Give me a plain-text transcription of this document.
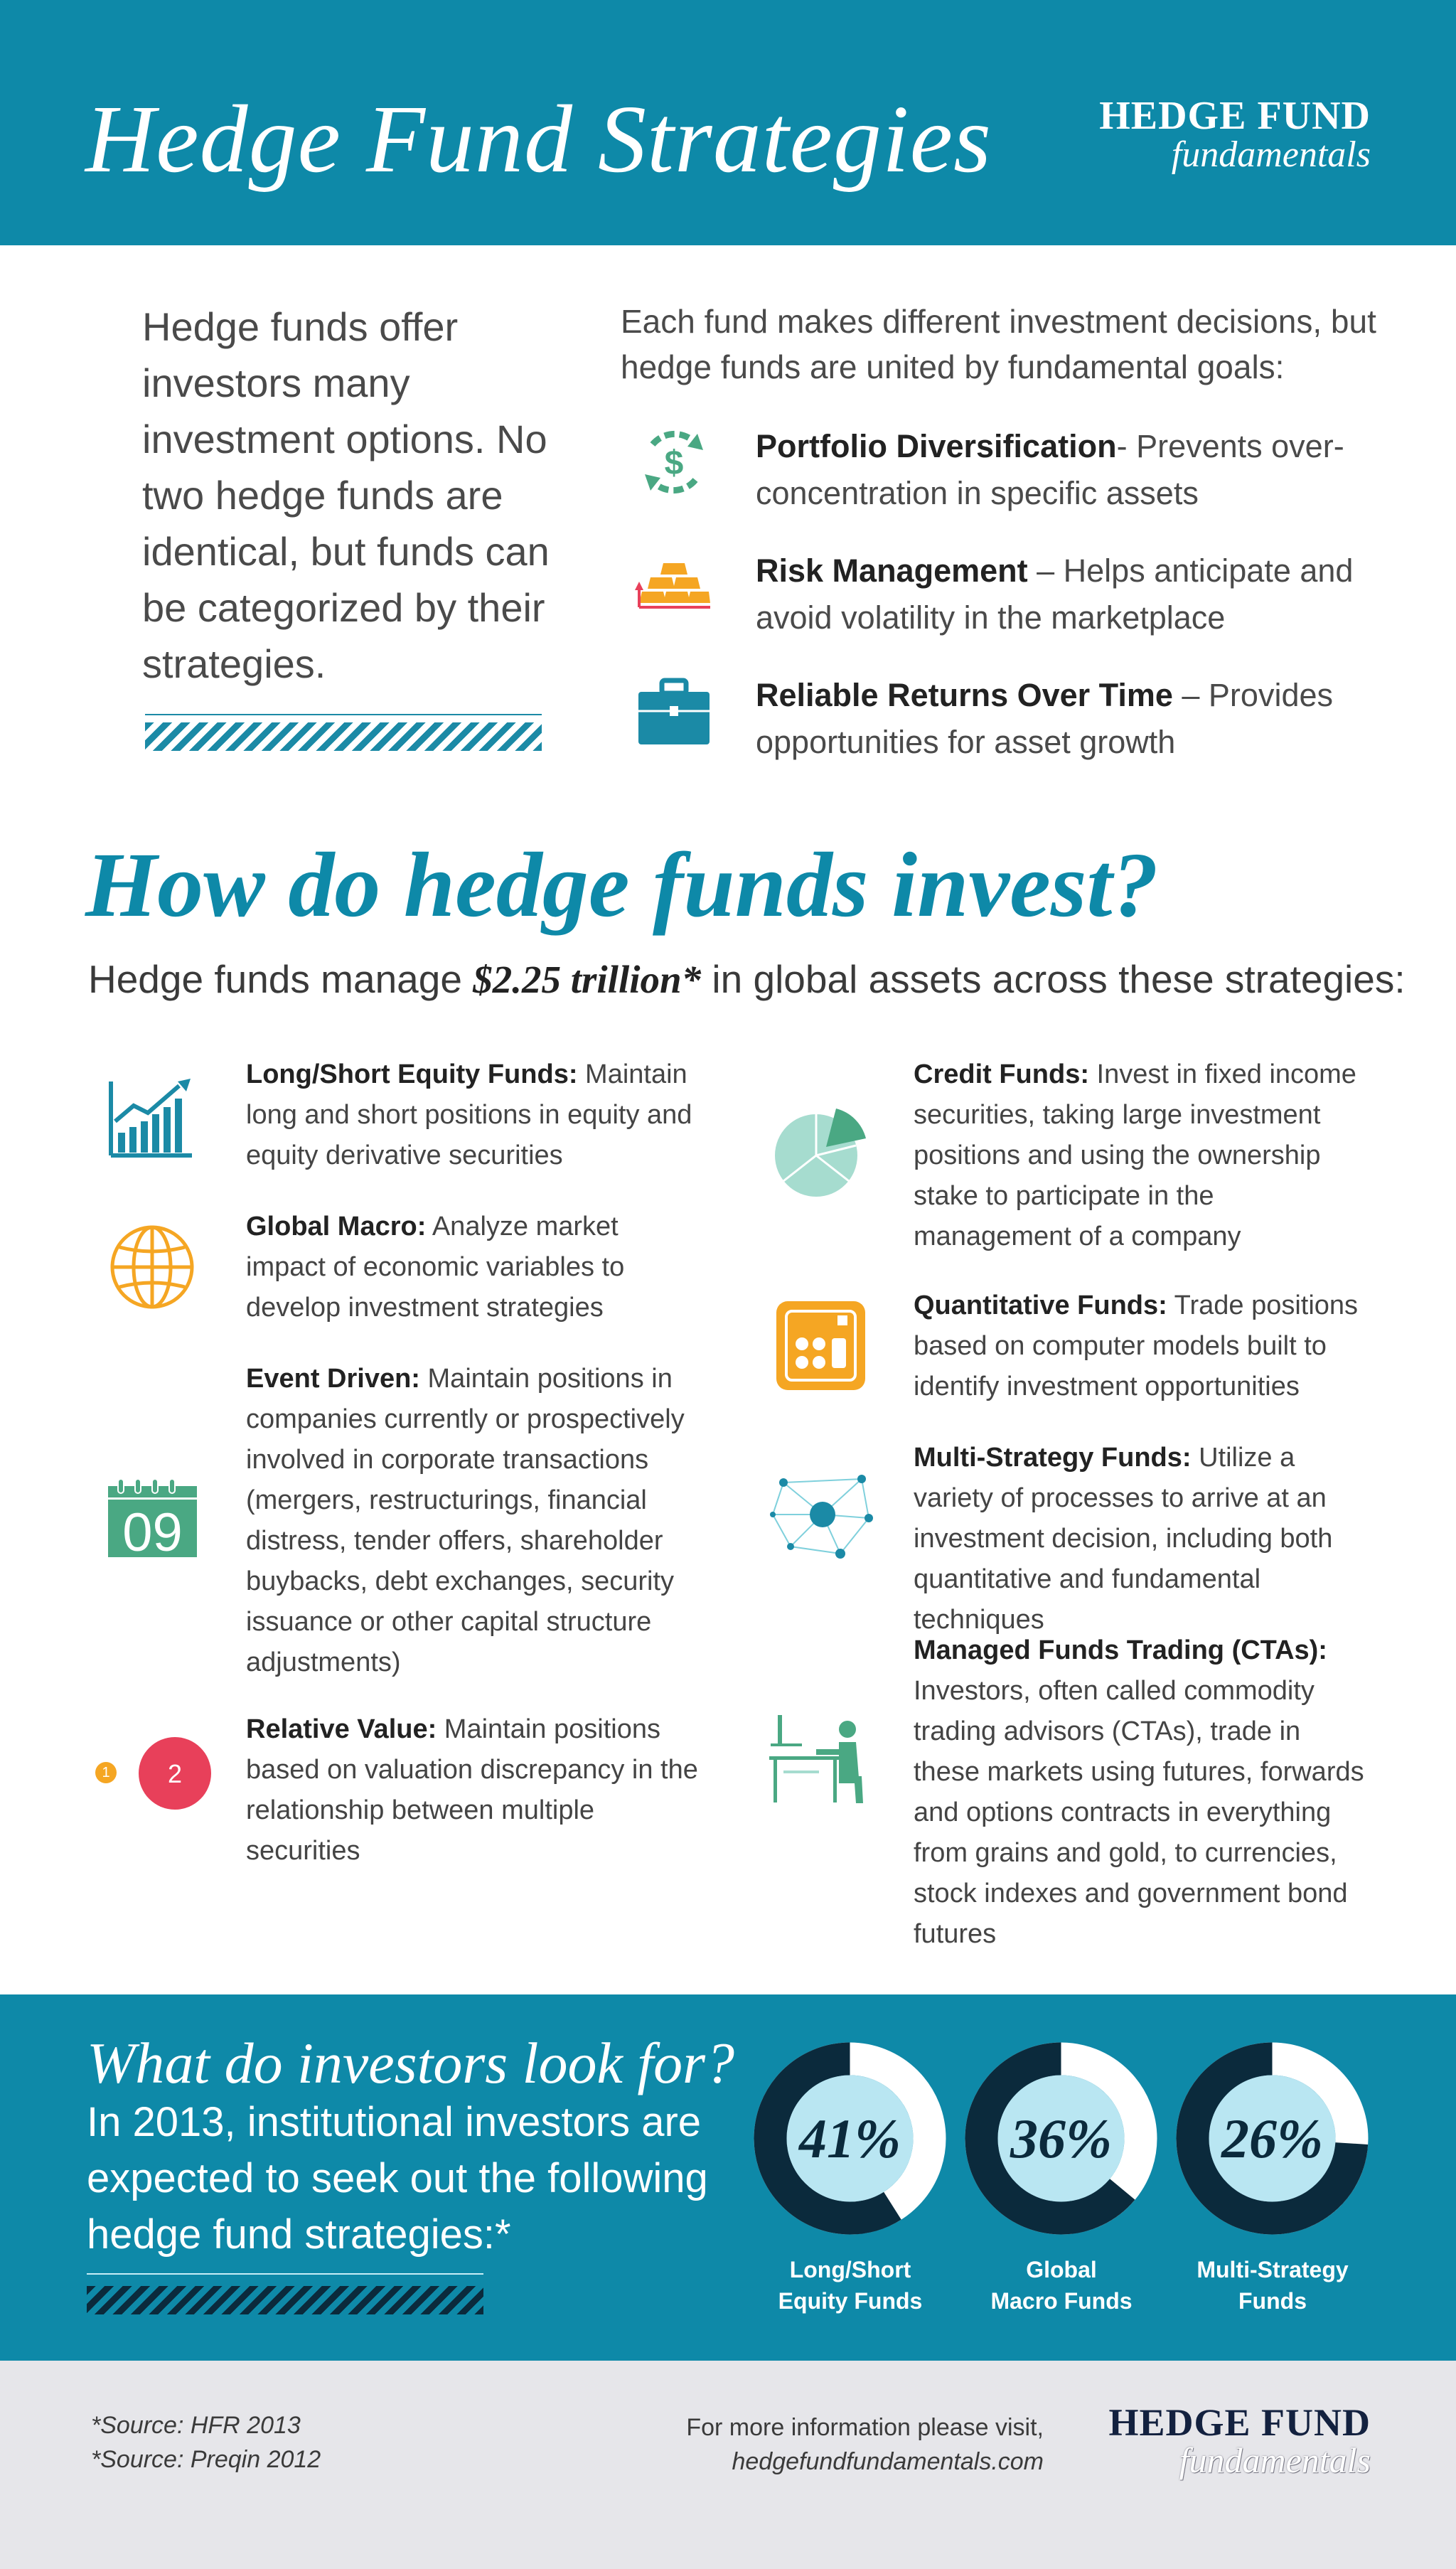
Hedge Fund Strategies	HEDGE FUND
fundamentals
Hedge funds offer investors many investment options. No two hedge funds are identical, but funds can be categorized by their strategies.
Each fund makes different investment decisions, but hedge funds are united by fundamental goals:
$ Portfolio Diversification- Prevents over-concentration in specific assets
Risk Management – Helps anticipate and avoid volatility in the marketplace
Reliable Returns Over Time – Provides opportunities for asset growth
How do hedge funds invest?
Hedge funds manage $2.25 trillion* in global assets across these strategies:
Long/Short Equity Funds: Maintain long and short positions in equity and equity derivative securities
Global Macro: Analyze market impact of economic variables to develop investment strategies
09
Event Driven: Maintain positions in companies currently or prospectively involved in corporate transactions (mergers, restructurings, financial distress, tender offers, shareholder buybacks, debt exchanges, security issuance or other capital structure adjustments)
1	2
Relative Value: Maintain positions based on valuation discrepancy in the relationship between multiple securities
Credit Funds: Invest in fixed income securities, taking large investment positions and using the ownership stake to participate in the management of a company
Quantitative Funds: Trade positions based on computer models built to identify investment opportunities
Multi-Strategy Funds: Utilize a variety of processes to arrive at an investment decision, including both quantitative and fundamental techniques
Managed Funds Trading (CTAs): Investors, often called commodity trading advisors (CTAs), trade in these markets using futures, forwards and options contracts in everything from grains and gold, to currencies, stock indexes and government bond futures
What do investors look for?
In 2013, institutional investors are expected to seek out the following hedge fund strategies:*
41%
Long/Short
Equity Funds
36%
Global
Macro Funds
26%
Multi-Strategy
Funds
*Source: HFR 2013
*Source: Preqin 2012
For more information please visit,
hedgefundfundamentals.com
HEDGE FUND
fundamentals
